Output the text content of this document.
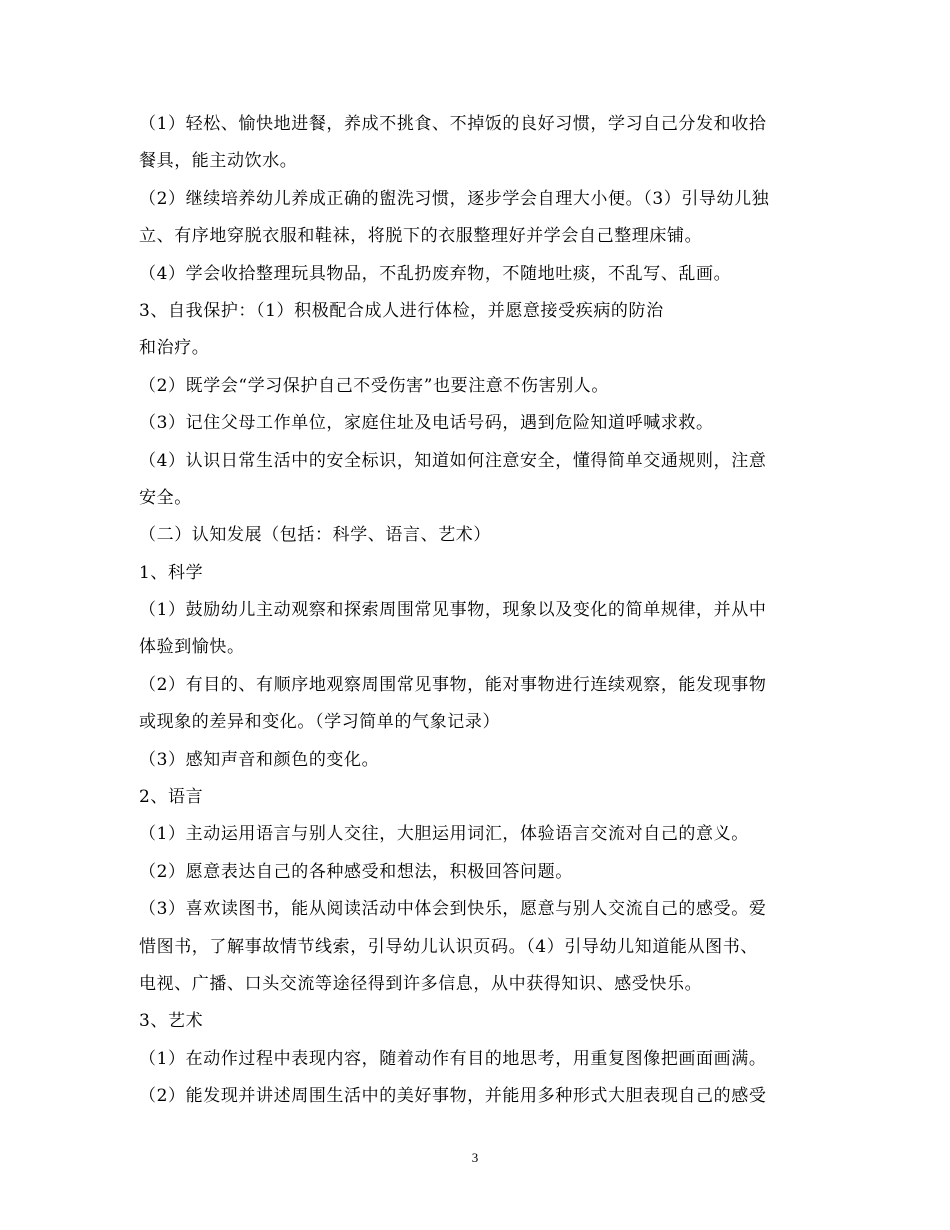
（1）轻松、愉快地进餐，养成不挑食、不掉饭的良好习惯，学习自己分发和收拾
餐具，能主动饮水。
（2）继续培养幼儿养成正确的盥洗习惯，逐步学会自理大小便。（3）引导幼儿独
立、有序地穿脱衣服和鞋袜，将脱下的衣服整理好并学会自己整理床铺。
（4）学会收拾整理玩具物品，不乱扔废弃物，不随地吐痰，不乱写、乱画。
3、自我保护：（1）积极配合成人进行体检，并愿意接受疾病的防治
和治疗。
（2）既学会“学习保护自己不受伤害”也要注意不伤害别人。
（3）记住父母工作单位，家庭住址及电话号码，遇到危险知道呼喊求救。
（4）认识日常生活中的安全标识，知道如何注意安全，懂得简单交通规则，注意
安全。
（二）认知发展（包括：科学、语言、艺术）
1、科学
（1）鼓励幼儿主动观察和探索周围常见事物，现象以及变化的简单规律，并从中
体验到愉快。
（2）有目的、有顺序地观察周围常见事物，能对事物进行连续观察，能发现事物
或现象的差异和变化。（学习简单的气象记录）
（3）感知声音和颜色的变化。
2、语言
（1）主动运用语言与别人交往，大胆运用词汇，体验语言交流对自己的意义。
（2）愿意表达自己的各种感受和想法，积极回答问题。
（3）喜欢读图书，能从阅读活动中体会到快乐，愿意与别人交流自己的感受。爱
惜图书，了解事故情节线索，引导幼儿认识页码。（4）引导幼儿知道能从图书、
电视、广播、口头交流等途径得到许多信息，从中获得知识、感受快乐。
3、艺术
（1）在动作过程中表现内容，随着动作有目的地思考，用重复图像把画面画满。
（2）能发现并讲述周围生活中的美好事物，并能用多种形式大胆表现自己的感受
3
